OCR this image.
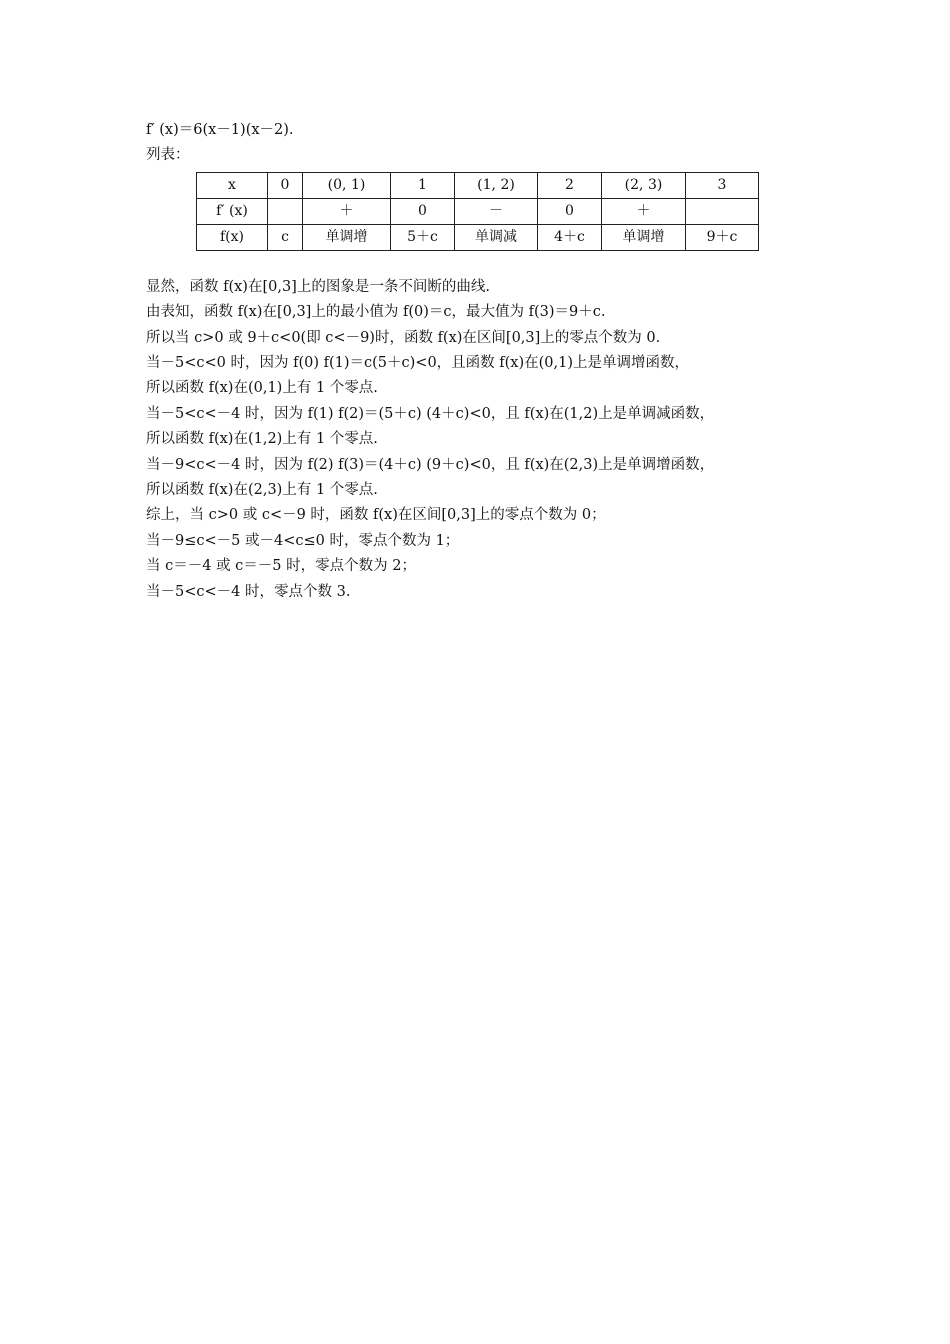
f′ (x)＝6(x－1)(x－2).
列表：
x	0	(0, 1)	1	(1, 2)	2	(2, 3)	3
f′ (x)		＋	0	－	0	＋	
f(x)	c	单调增	5＋c	单调减	4＋c	单调增	9＋c
显然，函数 f(x)在[0,3]上的图象是一条不间断的曲线.
由表知，函数 f(x)在[0,3]上的最小值为 f(0)＝c，最大值为 f(3)＝9＋c.
所以当 c>0 或 9＋c<0(即 c<－9)时，函数 f(x)在区间[0,3]上的零点个数为 0.
当－5<c<0 时，因为 f(0) f(1)＝c(5＋c)<0，且函数 f(x)在(0,1)上是单调增函数，
所以函数 f(x)在(0,1)上有 1 个零点.
当－5<c<－4 时，因为 f(1) f(2)＝(5＋c) (4＋c)<0，且 f(x)在(1,2)上是单调减函数，
所以函数 f(x)在(1,2)上有 1 个零点.
当－9<c<－4 时，因为 f(2) f(3)＝(4＋c) (9＋c)<0，且 f(x)在(2,3)上是单调增函数，
所以函数 f(x)在(2,3)上有 1 个零点.
综上，当 c>0 或 c<－9 时，函数 f(x)在区间[0,3]上的零点个数为 0；
当－9≤c<－5 或－4<c≤0 时，零点个数为 1；
当 c＝－4 或 c＝－5 时，零点个数为 2；
当－5<c<－4 时，零点个数 3.
